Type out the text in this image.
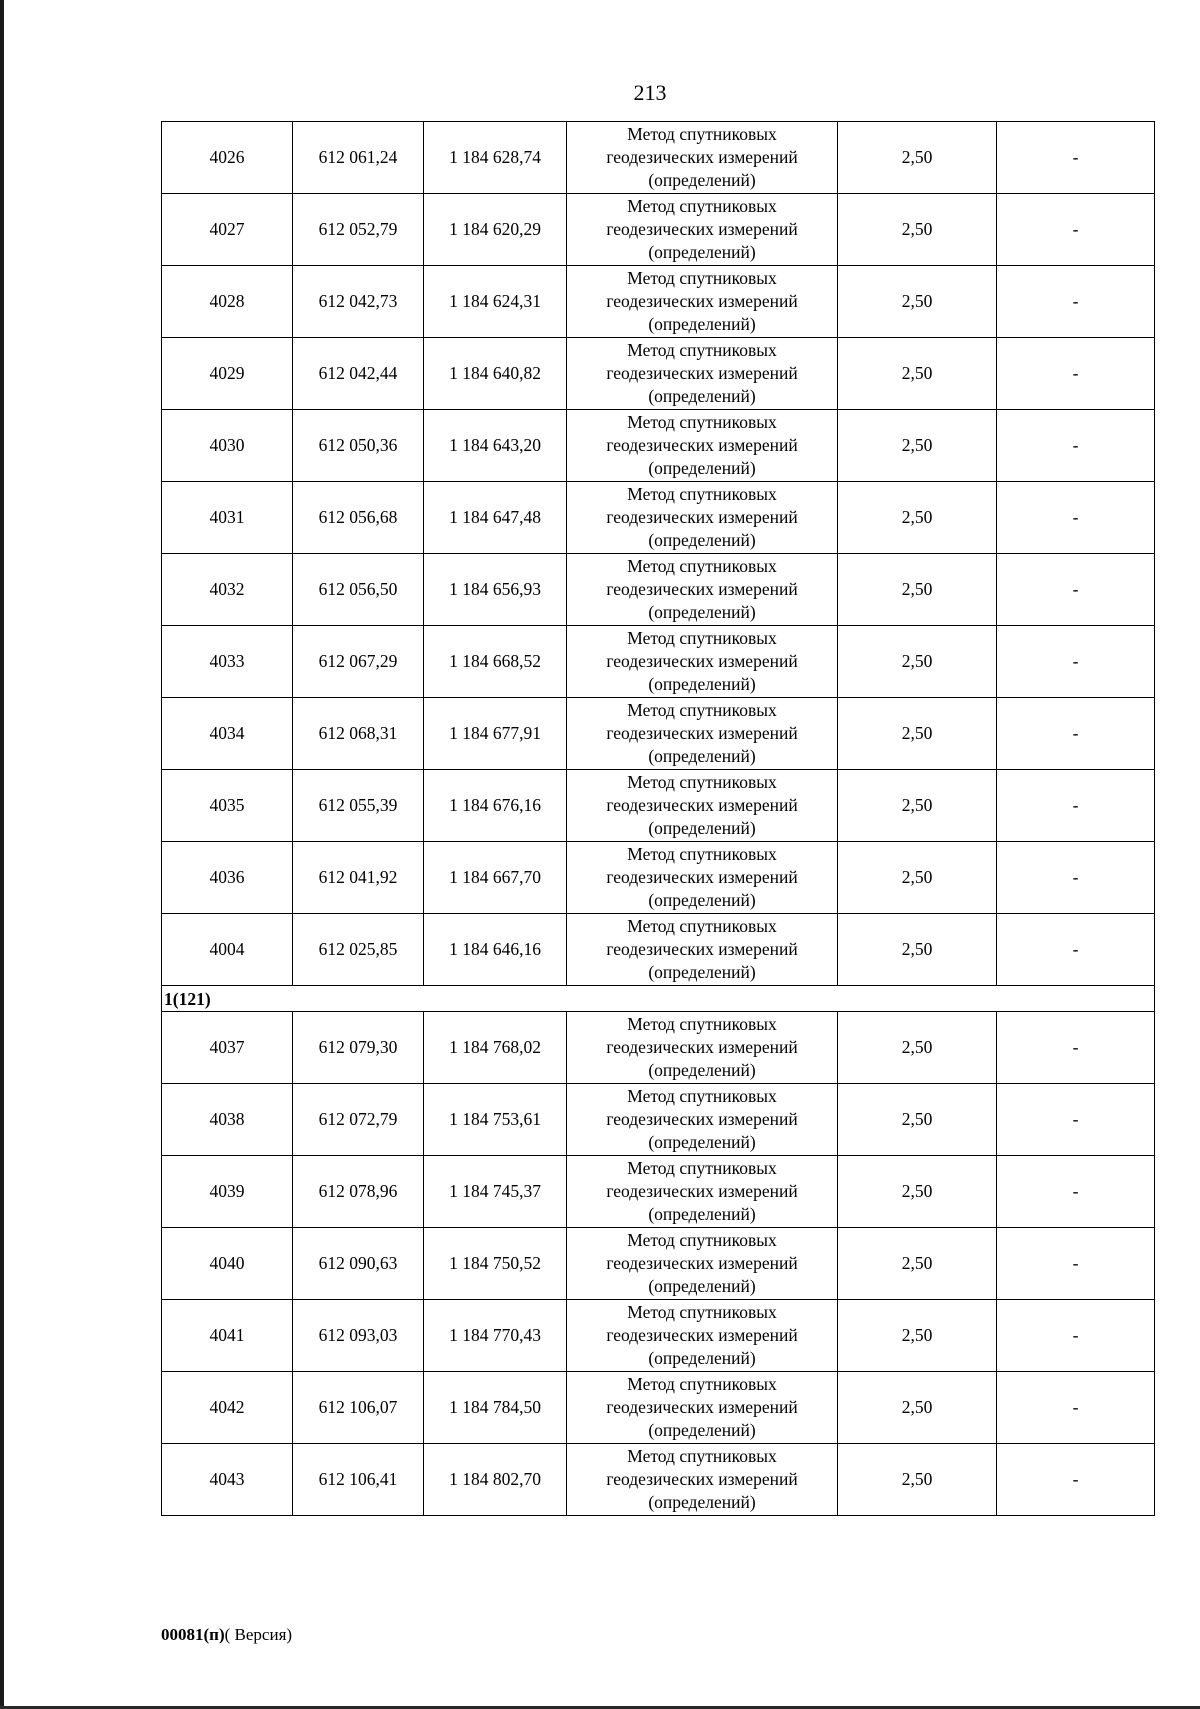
213
4026	612 061,24	1 184 628,74	Метод спутниковых
геодезических измерений
(определений)	2,50	-
4027	612 052,79	1 184 620,29	Метод спутниковых
геодезических измерений
(определений)	2,50	-
4028	612 042,73	1 184 624,31	Метод спутниковых
геодезических измерений
(определений)	2,50	-
4029	612 042,44	1 184 640,82	Метод спутниковых
геодезических измерений
(определений)	2,50	-
4030	612 050,36	1 184 643,20	Метод спутниковых
геодезических измерений
(определений)	2,50	-
4031	612 056,68	1 184 647,48	Метод спутниковых
геодезических измерений
(определений)	2,50	-
4032	612 056,50	1 184 656,93	Метод спутниковых
геодезических измерений
(определений)	2,50	-
4033	612 067,29	1 184 668,52	Метод спутниковых
геодезических измерений
(определений)	2,50	-
4034	612 068,31	1 184 677,91	Метод спутниковых
геодезических измерений
(определений)	2,50	-
4035	612 055,39	1 184 676,16	Метод спутниковых
геодезических измерений
(определений)	2,50	-
4036	612 041,92	1 184 667,70	Метод спутниковых
геодезических измерений
(определений)	2,50	-
4004	612 025,85	1 184 646,16	Метод спутниковых
геодезических измерений
(определений)	2,50	-
1(121)					
4037	612 079,30	1 184 768,02	Метод спутниковых
геодезических измерений
(определений)	2,50	-
4038	612 072,79	1 184 753,61	Метод спутниковых
геодезических измерений
(определений)	2,50	-
4039	612 078,96	1 184 745,37	Метод спутниковых
геодезических измерений
(определений)	2,50	-
4040	612 090,63	1 184 750,52	Метод спутниковых
геодезических измерений
(определений)	2,50	-
4041	612 093,03	1 184 770,43	Метод спутниковых
геодезических измерений
(определений)	2,50	-
4042	612 106,07	1 184 784,50	Метод спутниковых
геодезических измерений
(определений)	2,50	-
4043	612 106,41	1 184 802,70	Метод спутниковых
геодезических измерений
(определений)	2,50	-
00081(п)( Версия)
